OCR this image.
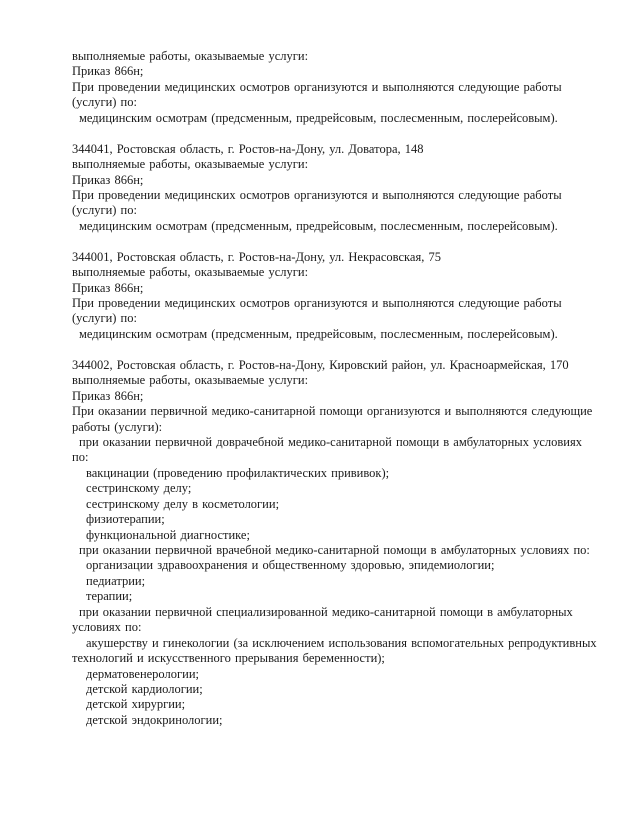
выполняемые работы, оказываемые услуги:
Приказ 866н;
При проведении медицинских осмотров организуются и выполняются следующие работы
(услуги) по:
медицинским осмотрам (предсменным, предрейсовым, послесменным, послерейсовым).
344041, Ростовская область, г. Ростов-на-Дону, ул. Доватора, 148
выполняемые работы, оказываемые услуги:
Приказ 866н;
При проведении медицинских осмотров организуются и выполняются следующие работы
(услуги) по:
медицинским осмотрам (предсменным, предрейсовым, послесменным, послерейсовым).
344001, Ростовская область, г. Ростов-на-Дону, ул. Некрасовская, 75
выполняемые работы, оказываемые услуги:
Приказ 866н;
При проведении медицинских осмотров организуются и выполняются следующие работы
(услуги) по:
медицинским осмотрам (предсменным, предрейсовым, послесменным, послерейсовым).
344002, Ростовская область, г. Ростов-на-Дону, Кировский район, ул. Красноармейская, 170
выполняемые работы, оказываемые услуги:
Приказ 866н;
При оказании первичной медико-санитарной помощи организуются и выполняются следующие
работы (услуги):
при оказании первичной доврачебной медико-санитарной помощи в амбулаторных условиях
по:
вакцинации (проведению профилактических прививок);
сестринскому делу;
сестринскому делу в косметологии;
физиотерапии;
функциональной диагностике;
при оказании первичной врачебной медико-санитарной помощи в амбулаторных условиях по:
организации здравоохранения и общественному здоровью, эпидемиологии;
педиатрии;
терапии;
при оказании первичной специализированной медико-санитарной помощи в амбулаторных
условиях по:
акушерству и гинекологии (за исключением использования вспомогательных репродуктивных
технологий и искусственного прерывания беременности);
дерматовенерологии;
детской кардиологии;
детской хирургии;
детской эндокринологии;
